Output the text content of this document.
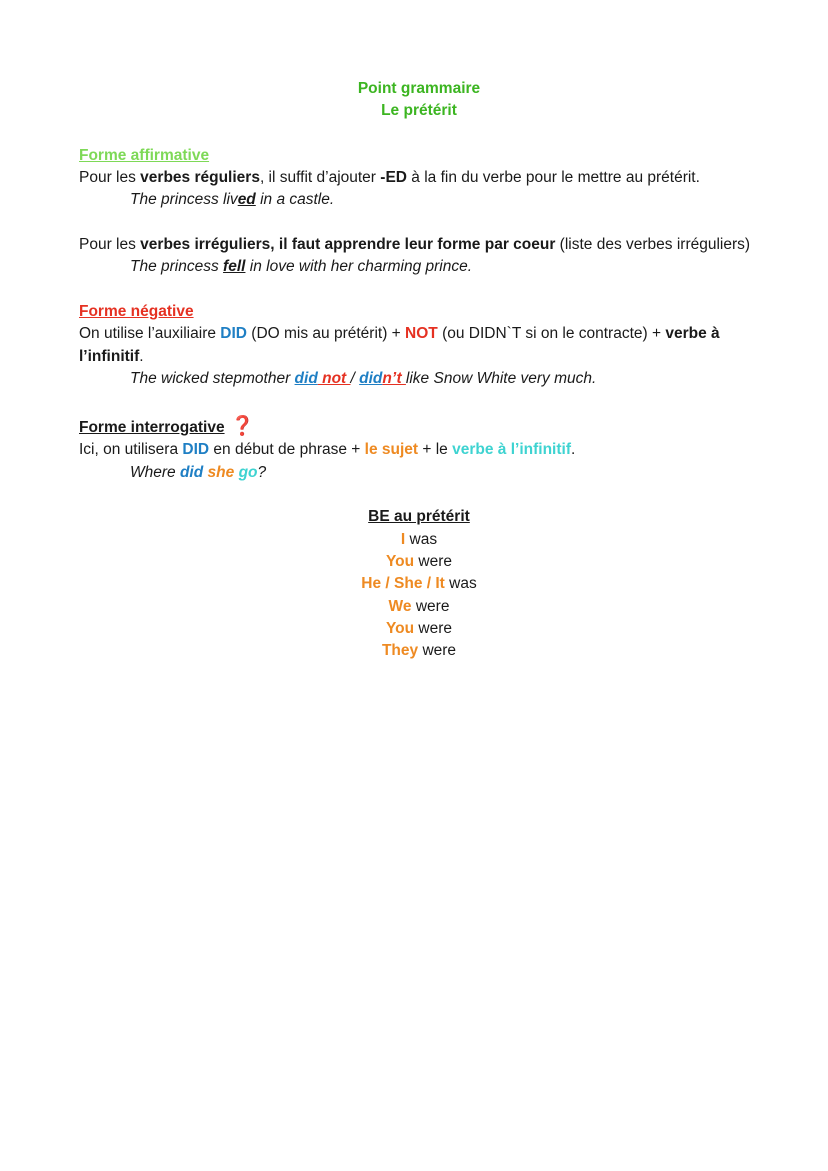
Point grammaire
Le prétérit
Forme affirmative
Pour les verbes réguliers, il suffit d’ajouter -ED à la fin du verbe pour le mettre au prétérit.
The princess lived in a castle.
Pour les verbes irréguliers, il faut apprendre leur forme par coeur (liste des verbes irréguliers)
The princess fell in love with her charming prince.
Forme négative
On utilise l’auxiliaire DID (DO mis au prétérit) + NOT (ou DIDN`T si on le contracte) + verbe à l’infinitif.
The wicked stepmother did not / didn’t like Snow White very much.
Forme interrogative ❓
Ici, on utilisera DID en début de phrase + le sujet + le verbe à l’infinitif.
Where did she go?
BE au prétérit
I was
You were
He / She / It was
We were
You were
They were
